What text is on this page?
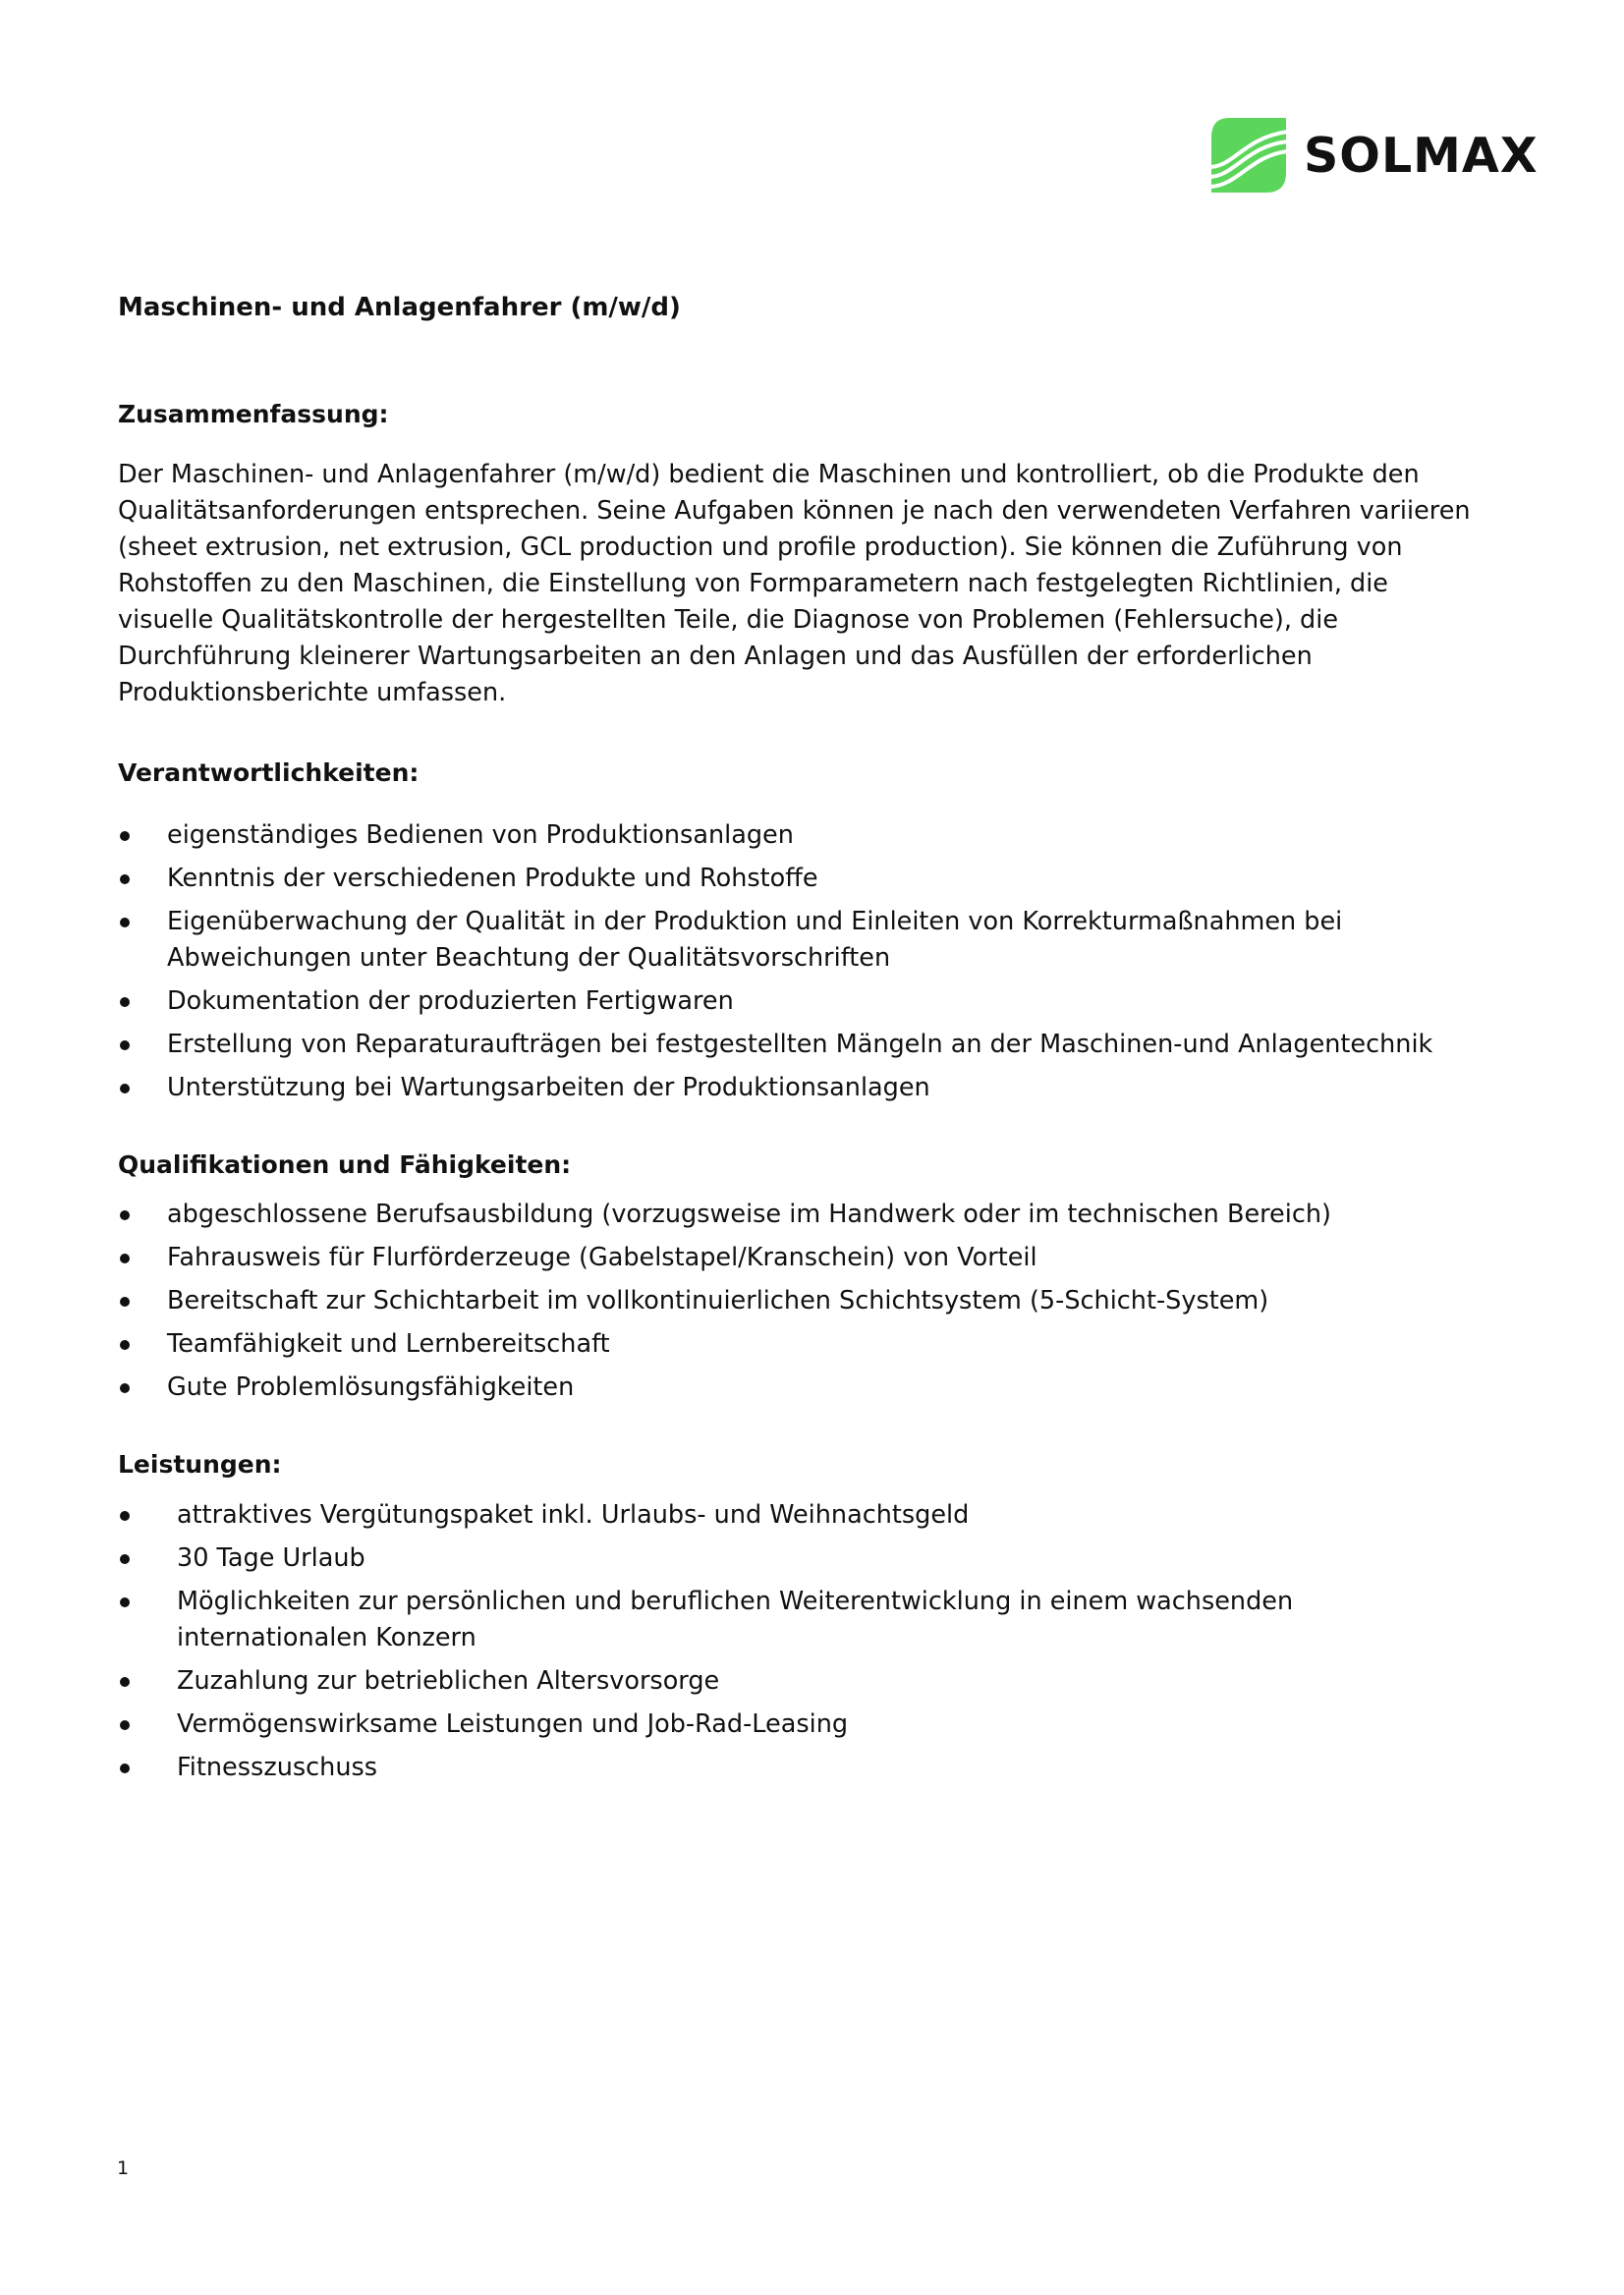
SOLMAX
Maschinen- und Anlagenfahrer (m/w/d)
Zusammenfassung:
Der Maschinen- und Anlagenfahrer (m/w/d) bedient die Maschinen und kontrolliert, ob die Produkte den
Qualitätsanforderungen entsprechen. Seine Aufgaben können je nach den verwendeten Verfahren variieren
(sheet extrusion, net extrusion, GCL production und profile production). Sie können die Zuführung von
Rohstoffen zu den Maschinen, die Einstellung von Formparametern nach festgelegten Richtlinien, die
visuelle Qualitätskontrolle der hergestellten Teile, die Diagnose von Problemen (Fehlersuche), die
Durchführung kleinerer Wartungsarbeiten an den Anlagen und das Ausfüllen der erforderlichen
Produktionsberichte umfassen.
Verantwortlichkeiten:
eigenständiges Bedienen von Produktionsanlagen
Kenntnis der verschiedenen Produkte und Rohstoffe
Eigenüberwachung der Qualität in der Produktion und Einleiten von Korrekturmaßnahmen bei
Abweichungen unter Beachtung der Qualitätsvorschriften
Dokumentation der produzierten Fertigwaren
Erstellung von Reparaturaufträgen bei festgestellten Mängeln an der Maschinen-und Anlagentechnik
Unterstützung bei Wartungsarbeiten der Produktionsanlagen
Qualifikationen und Fähigkeiten:
abgeschlossene Berufsausbildung (vorzugsweise im Handwerk oder im technischen Bereich)
Fahrausweis für Flurförderzeuge (Gabelstapel/Kranschein) von Vorteil
Bereitschaft zur Schichtarbeit im vollkontinuierlichen Schichtsystem (5-Schicht-System)
Teamfähigkeit und Lernbereitschaft
Gute Problemlösungsfähigkeiten
Leistungen:
attraktives Vergütungspaket inkl. Urlaubs- und Weihnachtsgeld
30 Tage Urlaub
Möglichkeiten zur persönlichen und beruflichen Weiterentwicklung in einem wachsenden
internationalen Konzern
Zuzahlung zur betrieblichen Altersvorsorge
Vermögenswirksame Leistungen und Job-Rad-Leasing
Fitnesszuschuss
1
